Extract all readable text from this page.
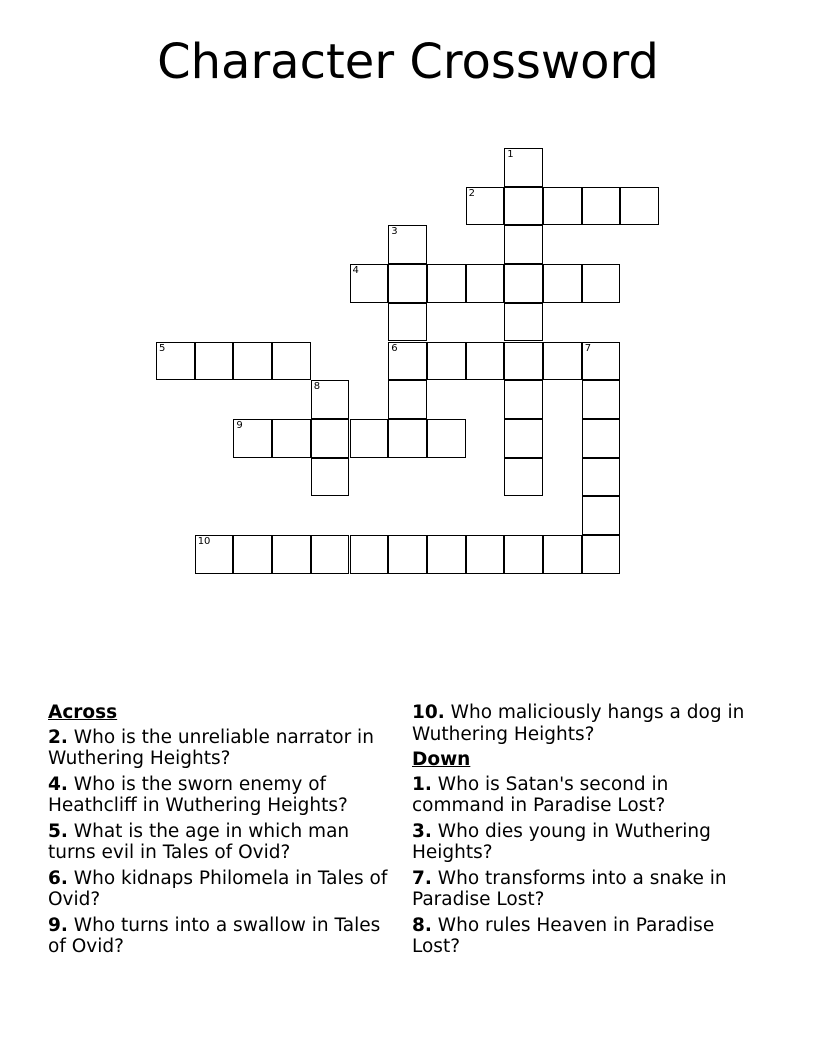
Character Crossword
2
4
5	6	7
9
10
1
3
8
Across
2. Who is the unreliable narrator in Wuthering Heights?
4. Who is the sworn enemy of Heathcliff in Wuthering Heights?
5. What is the age in which man turns evil in Tales of Ovid?
6. Who kidnaps Philomela in Tales of Ovid?
9. Who turns into a swallow in Tales of Ovid?
10. Who maliciously hangs a dog in Wuthering Heights?
Down
1. Who is Satan's second in command in Paradise Lost?
3. Who dies young in Wuthering Heights?
7. Who transforms into a snake in Paradise Lost?
8. Who rules Heaven in Paradise Lost?
